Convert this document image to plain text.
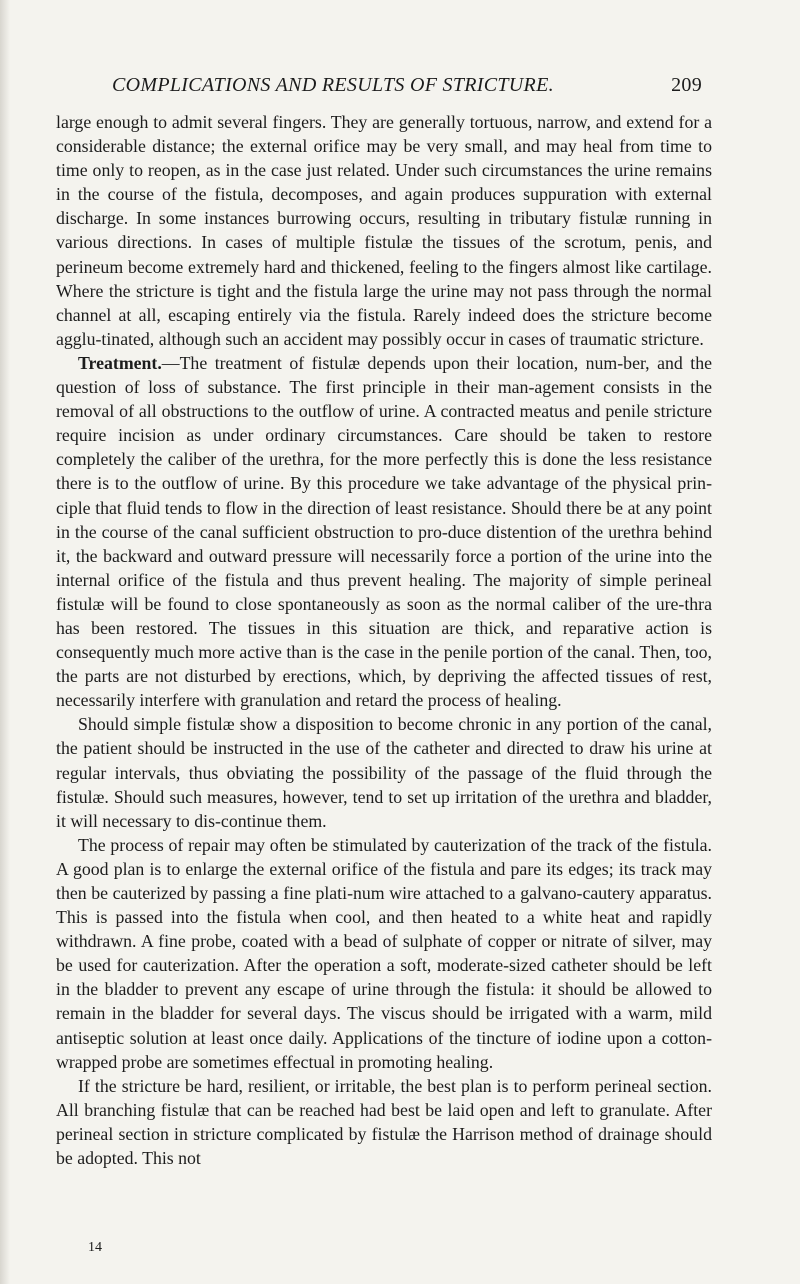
COMPLICATIONS AND RESULTS OF STRICTURE.	209

large enough to admit several fingers. They are generally tortuous, narrow, and extend for a considerable distance; the external orifice may be very small, and may heal from time to time only to reopen, as in the case just related. Under such circumstances the urine remains in the course of the fistula, decomposes, and again produces suppuration with external discharge. In some instances burrowing occurs, resulting in tributary fistulæ running in various directions. In cases of multiple fistulæ the tissues of the scrotum, penis, and perineum become extremely hard and thickened, feeling to the fingers almost like cartilage. Where the stricture is tight and the fistula large the urine may not pass through the normal channel at all, escaping entirely via the fistula. Rarely indeed does the stricture become agglu-tinated, although such an accident may possibly occur in cases of traumatic stricture.

Treatment.—The treatment of fistulæ depends upon their location, num-ber, and the question of loss of substance. The first principle in their man-agement consists in the removal of all obstructions to the outflow of urine. A contracted meatus and penile stricture require incision as under ordinary circumstances. Care should be taken to restore completely the caliber of the urethra, for the more perfectly this is done the less resistance there is to the outflow of urine. By this procedure we take advantage of the physical prin-ciple that fluid tends to flow in the direction of least resistance. Should there be at any point in the course of the canal sufficient obstruction to pro-duce distention of the urethra behind it, the backward and outward pressure will necessarily force a portion of the urine into the internal orifice of the fistula and thus prevent healing. The majority of simple perineal fistulæ will be found to close spontaneously as soon as the normal caliber of the ure-thra has been restored. The tissues in this situation are thick, and reparative action is consequently much more active than is the case in the penile portion of the canal. Then, too, the parts are not disturbed by erections, which, by depriving the affected tissues of rest, necessarily interfere with granulation and retard the process of healing.

Should simple fistulæ show a disposition to become chronic in any portion of the canal, the patient should be instructed in the use of the catheter and directed to draw his urine at regular intervals, thus obviating the possibility of the passage of the fluid through the fistulæ. Should such measures, however, tend to set up irritation of the urethra and bladder, it will necessary to dis-continue them.

The process of repair may often be stimulated by cauterization of the track of the fistula. A good plan is to enlarge the external orifice of the fistula and pare its edges; its track may then be cauterized by passing a fine plati-num wire attached to a galvano-cautery apparatus. This is passed into the fistula when cool, and then heated to a white heat and rapidly withdrawn. A fine probe, coated with a bead of sulphate of copper or nitrate of silver, may be used for cauterization. After the operation a soft, moderate-sized catheter should be left in the bladder to prevent any escape of urine through the fistula: it should be allowed to remain in the bladder for several days. The viscus should be irrigated with a warm, mild antiseptic solution at least once daily. Applications of the tincture of iodine upon a cotton-wrapped probe are sometimes effectual in promoting healing.

If the stricture be hard, resilient, or irritable, the best plan is to perform perineal section. All branching fistulæ that can be reached had best be laid open and left to granulate. After perineal section in stricture complicated by fistulæ the Harrison method of drainage should be adopted. This not

14
